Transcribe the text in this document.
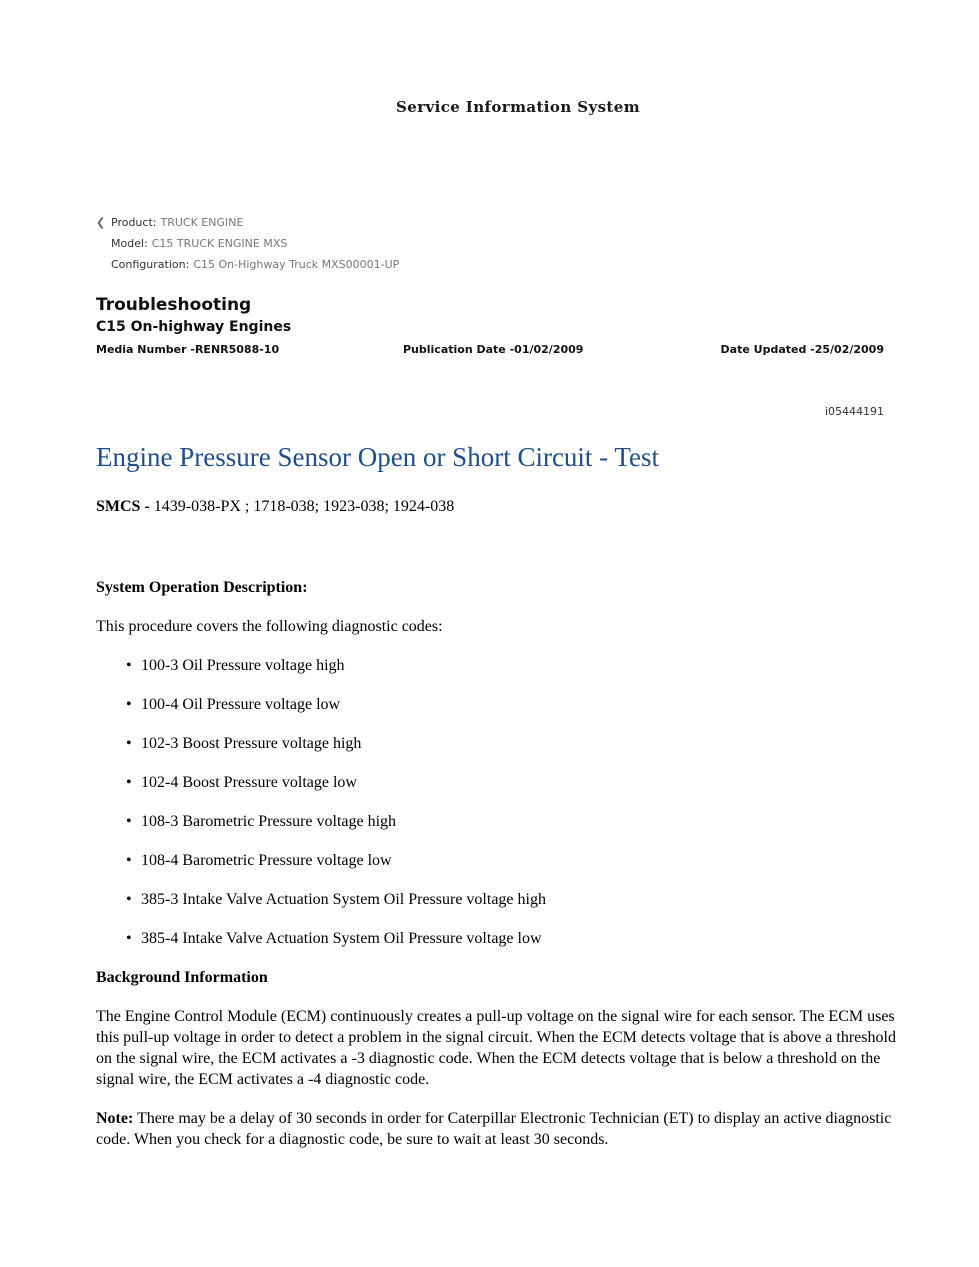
Service Information System
❮ Product: TRUCK ENGINE
Model: C15 TRUCK ENGINE MXS
Configuration: C15 On-Highway Truck MXS00001-UP
Troubleshooting
C15 On-highway Engines
Media Number -RENR5088-10	Publication Date -01/02/2009	Date Updated -25/02/2009
i05444191
Engine Pressure Sensor Open or Short Circuit - Test
SMCS - 1439-038-PX ; 1718-038; 1923-038; 1924-038

System Operation Description:

This procedure covers the following diagnostic codes:

• 100-3 Oil Pressure voltage high
• 100-4 Oil Pressure voltage low
• 102-3 Boost Pressure voltage high
• 102-4 Boost Pressure voltage low
• 108-3 Barometric Pressure voltage high
• 108-4 Barometric Pressure voltage low
• 385-3 Intake Valve Actuation System Oil Pressure voltage high
• 385-4 Intake Valve Actuation System Oil Pressure voltage low

Background Information

The Engine Control Module (ECM) continuously creates a pull-up voltage on the signal wire for each sensor. The ECM uses this pull-up voltage in order to detect a problem in the signal circuit. When the ECM detects voltage that is above a threshold on the signal wire, the ECM activates a -3 diagnostic code. When the ECM detects voltage that is below a threshold on the signal wire, the ECM activates a -4 diagnostic code.

Note: There may be a delay of 30 seconds in order for Caterpillar Electronic Technician (ET) to display an active diagnostic code. When you check for a diagnostic code, be sure to wait at least 30 seconds.
